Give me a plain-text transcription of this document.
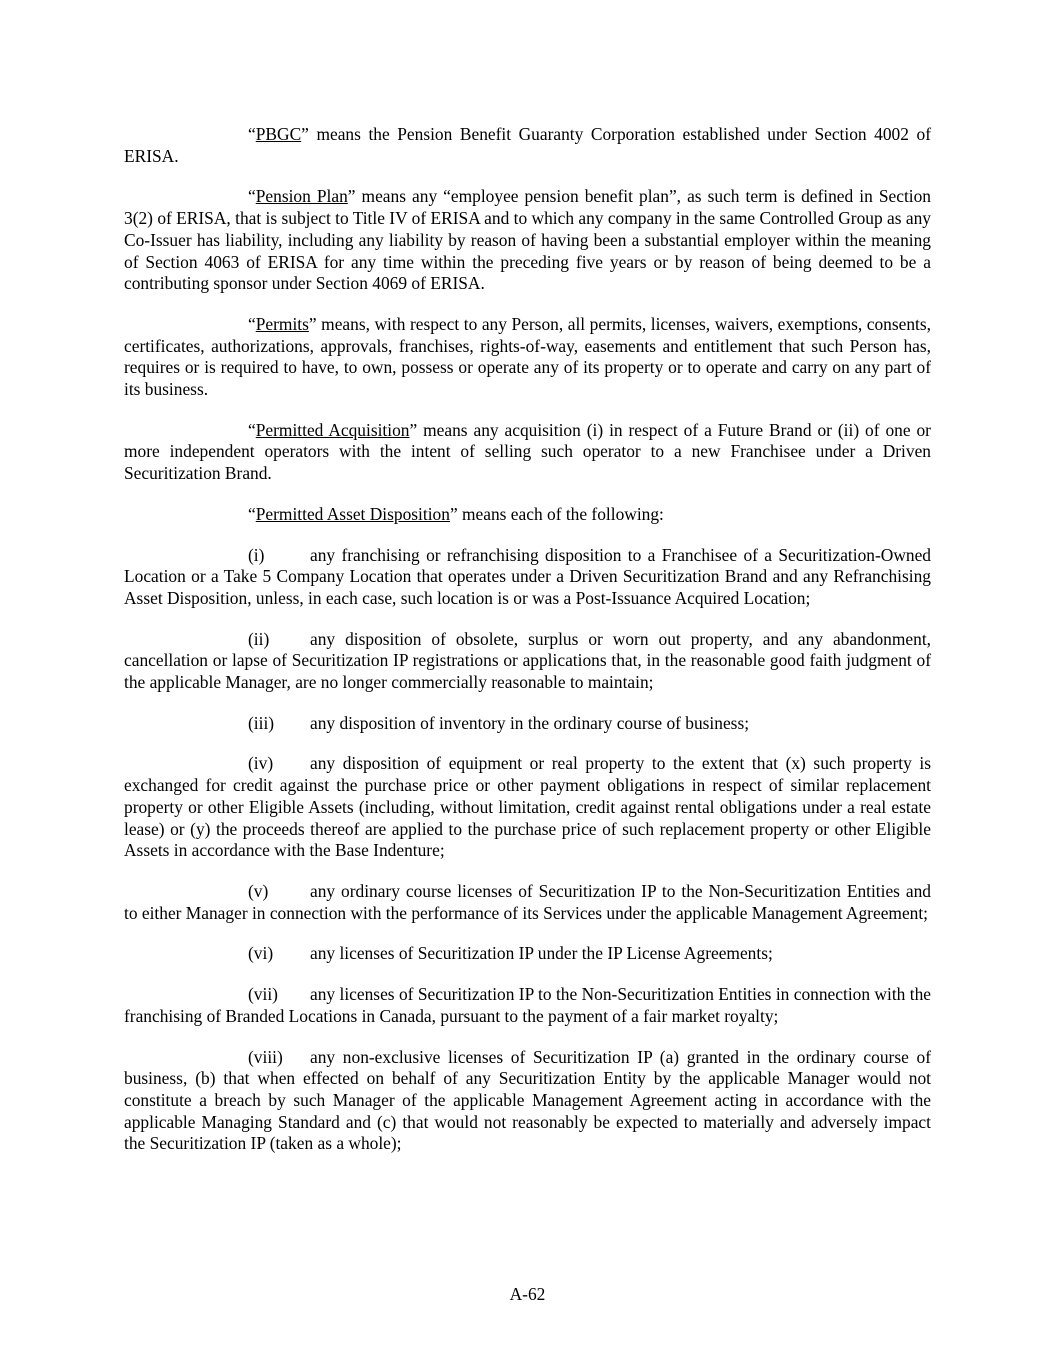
“PBGC” means the Pension Benefit Guaranty Corporation established under Section 4002 of ERISA.

“Pension Plan” means any “employee pension benefit plan”, as such term is defined in Section 3(2) of ERISA, that is subject to Title IV of ERISA and to which any company in the same Controlled Group as any Co-Issuer has liability, including any liability by reason of having been a substantial employer within the meaning of Section 4063 of ERISA for any time within the preceding five years or by reason of being deemed to be a contributing sponsor under Section 4069 of ERISA.

“Permits” means, with respect to any Person, all permits, licenses, waivers, exemptions, consents, certificates, authorizations, approvals, franchises, rights-of-way, easements and entitlement that such Person has, requires or is required to have, to own, possess or operate any of its property or to operate and carry on any part of its business.

“Permitted Acquisition” means any acquisition (i) in respect of a Future Brand or (ii) of one or more independent operators with the intent of selling such operator to a new Franchisee under a Driven Securitization Brand.

“Permitted Asset Disposition” means each of the following:

(i)	any franchising or refranchising disposition to a Franchisee of a Securitization-Owned Location or a Take 5 Company Location that operates under a Driven Securitization Brand and any Refranchising Asset Disposition, unless, in each case, such location is or was a Post-Issuance Acquired Location;

(ii) any disposition of obsolete, surplus or worn out property, and any abandonment, cancellation or lapse of Securitization IP registrations or applications that, in the reasonable good faith judgment of the applicable Manager, are no longer commercially reasonable to maintain;

(iii) any disposition of inventory in the ordinary course of business;

(iv) any disposition of equipment or real property to the extent that (x) such property is exchanged for credit against the purchase price or other payment obligations in respect of similar replacement property or other Eligible Assets (including, without limitation, credit against rental obligations under a real estate lease) or (y) the proceeds thereof are applied to the purchase price of such replacement property or other Eligible Assets in accordance with the Base Indenture;

(v) any ordinary course licenses of Securitization IP to the Non-Securitization Entities and to either Manager in connection with the performance of its Services under the applicable Management Agreement;

(vi) any licenses of Securitization IP under the IP License Agreements;

(vii) any licenses of Securitization IP to the Non-Securitization Entities in connection with the franchising of Branded Locations in Canada, pursuant to the payment of a fair market royalty;

(viii) any non-exclusive licenses of Securitization IP (a) granted in the ordinary course of business, (b) that when effected on behalf of any Securitization Entity by the applicable Manager would not constitute a breach by such Manager of the applicable Management Agreement acting in accordance with the applicable Managing Standard and (c) that would not reasonably be expected to materially and adversely impact the Securitization IP (taken as a whole);

A-62
